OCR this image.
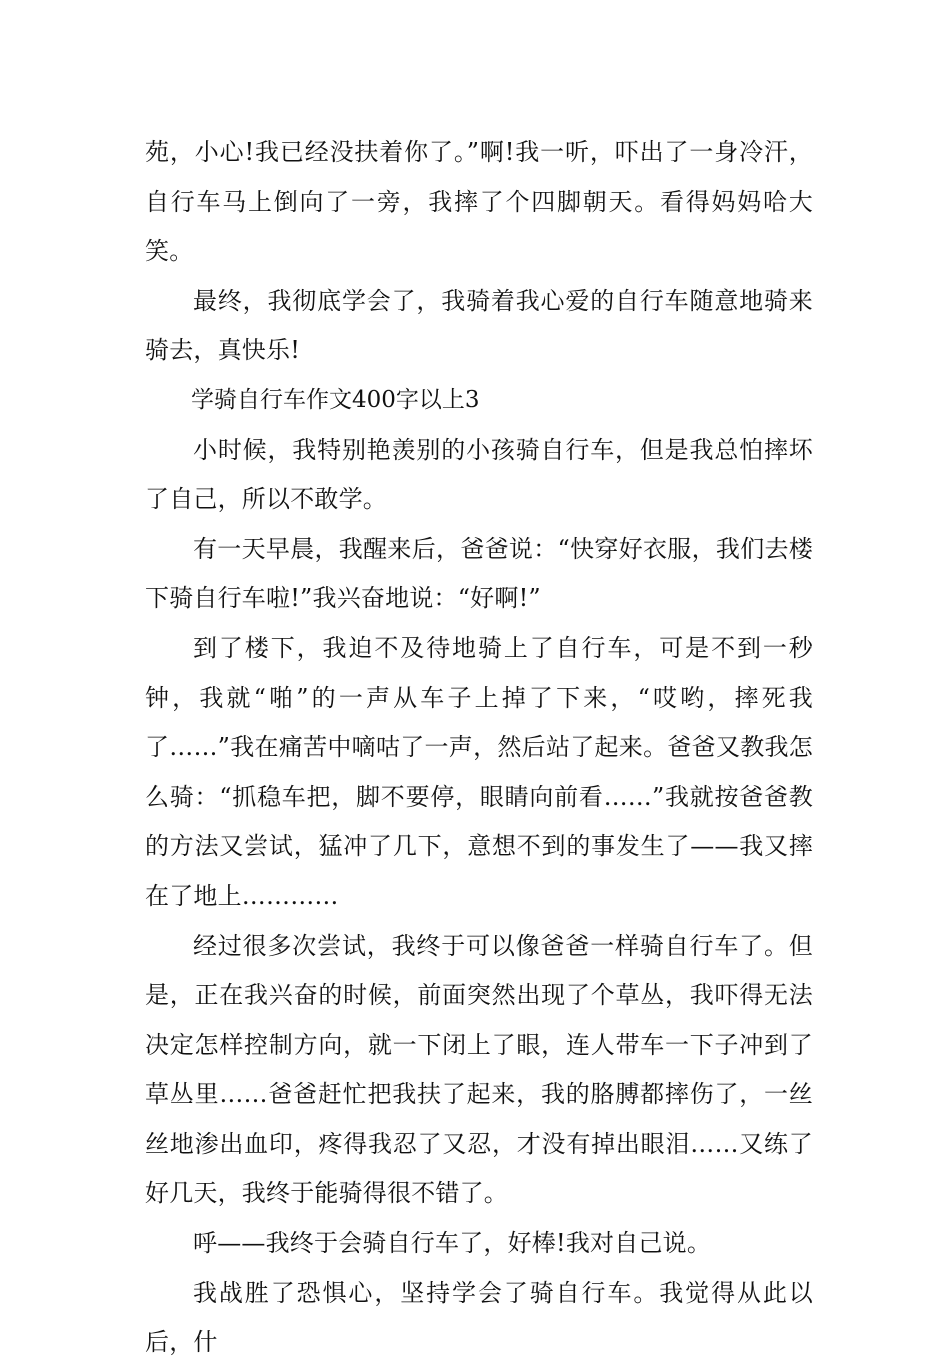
苑，小心!我已经没扶着你了。”啊!我一听，吓出了一身冷汗，自行车马上倒向了一旁，我摔了个四脚朝天。看得妈妈哈大笑。

最终，我彻底学会了，我骑着我心爱的自行车随意地骑来骑去，真快乐!

学骑自行车作文400字以上3

小时候，我特别艳羡别的小孩骑自行车，但是我总怕摔坏了自己，所以不敢学。

有一天早晨，我醒来后，爸爸说：“快穿好衣服，我们去楼下骑自行车啦!”我兴奋地说：“好啊!”

到了楼下，我迫不及待地骑上了自行车，可是不到一秒钟，我就“啪”的一声从车子上掉了下来，“哎哟，摔死我了……”我在痛苦中嘀咕了一声，然后站了起来。爸爸又教我怎么骑：“抓稳车把，脚不要停，眼睛向前看……”我就按爸爸教的方法又尝试，猛冲了几下，意想不到的事发生了——我又摔在了地上…………

经过很多次尝试，我终于可以像爸爸一样骑自行车了。但是，正在我兴奋的时候，前面突然出现了个草丛，我吓得无法决定怎样控制方向，就一下闭上了眼，连人带车一下子冲到了草丛里……爸爸赶忙把我扶了起来，我的胳膊都摔伤了，一丝丝地渗出血印，疼得我忍了又忍，才没有掉出眼泪……又练了好几天，我终于能骑得很不错了。

呼——我终于会骑自行车了，好棒!我对自己说。

我战胜了恐惧心，坚持学会了骑自行车。我觉得从此以后，什
